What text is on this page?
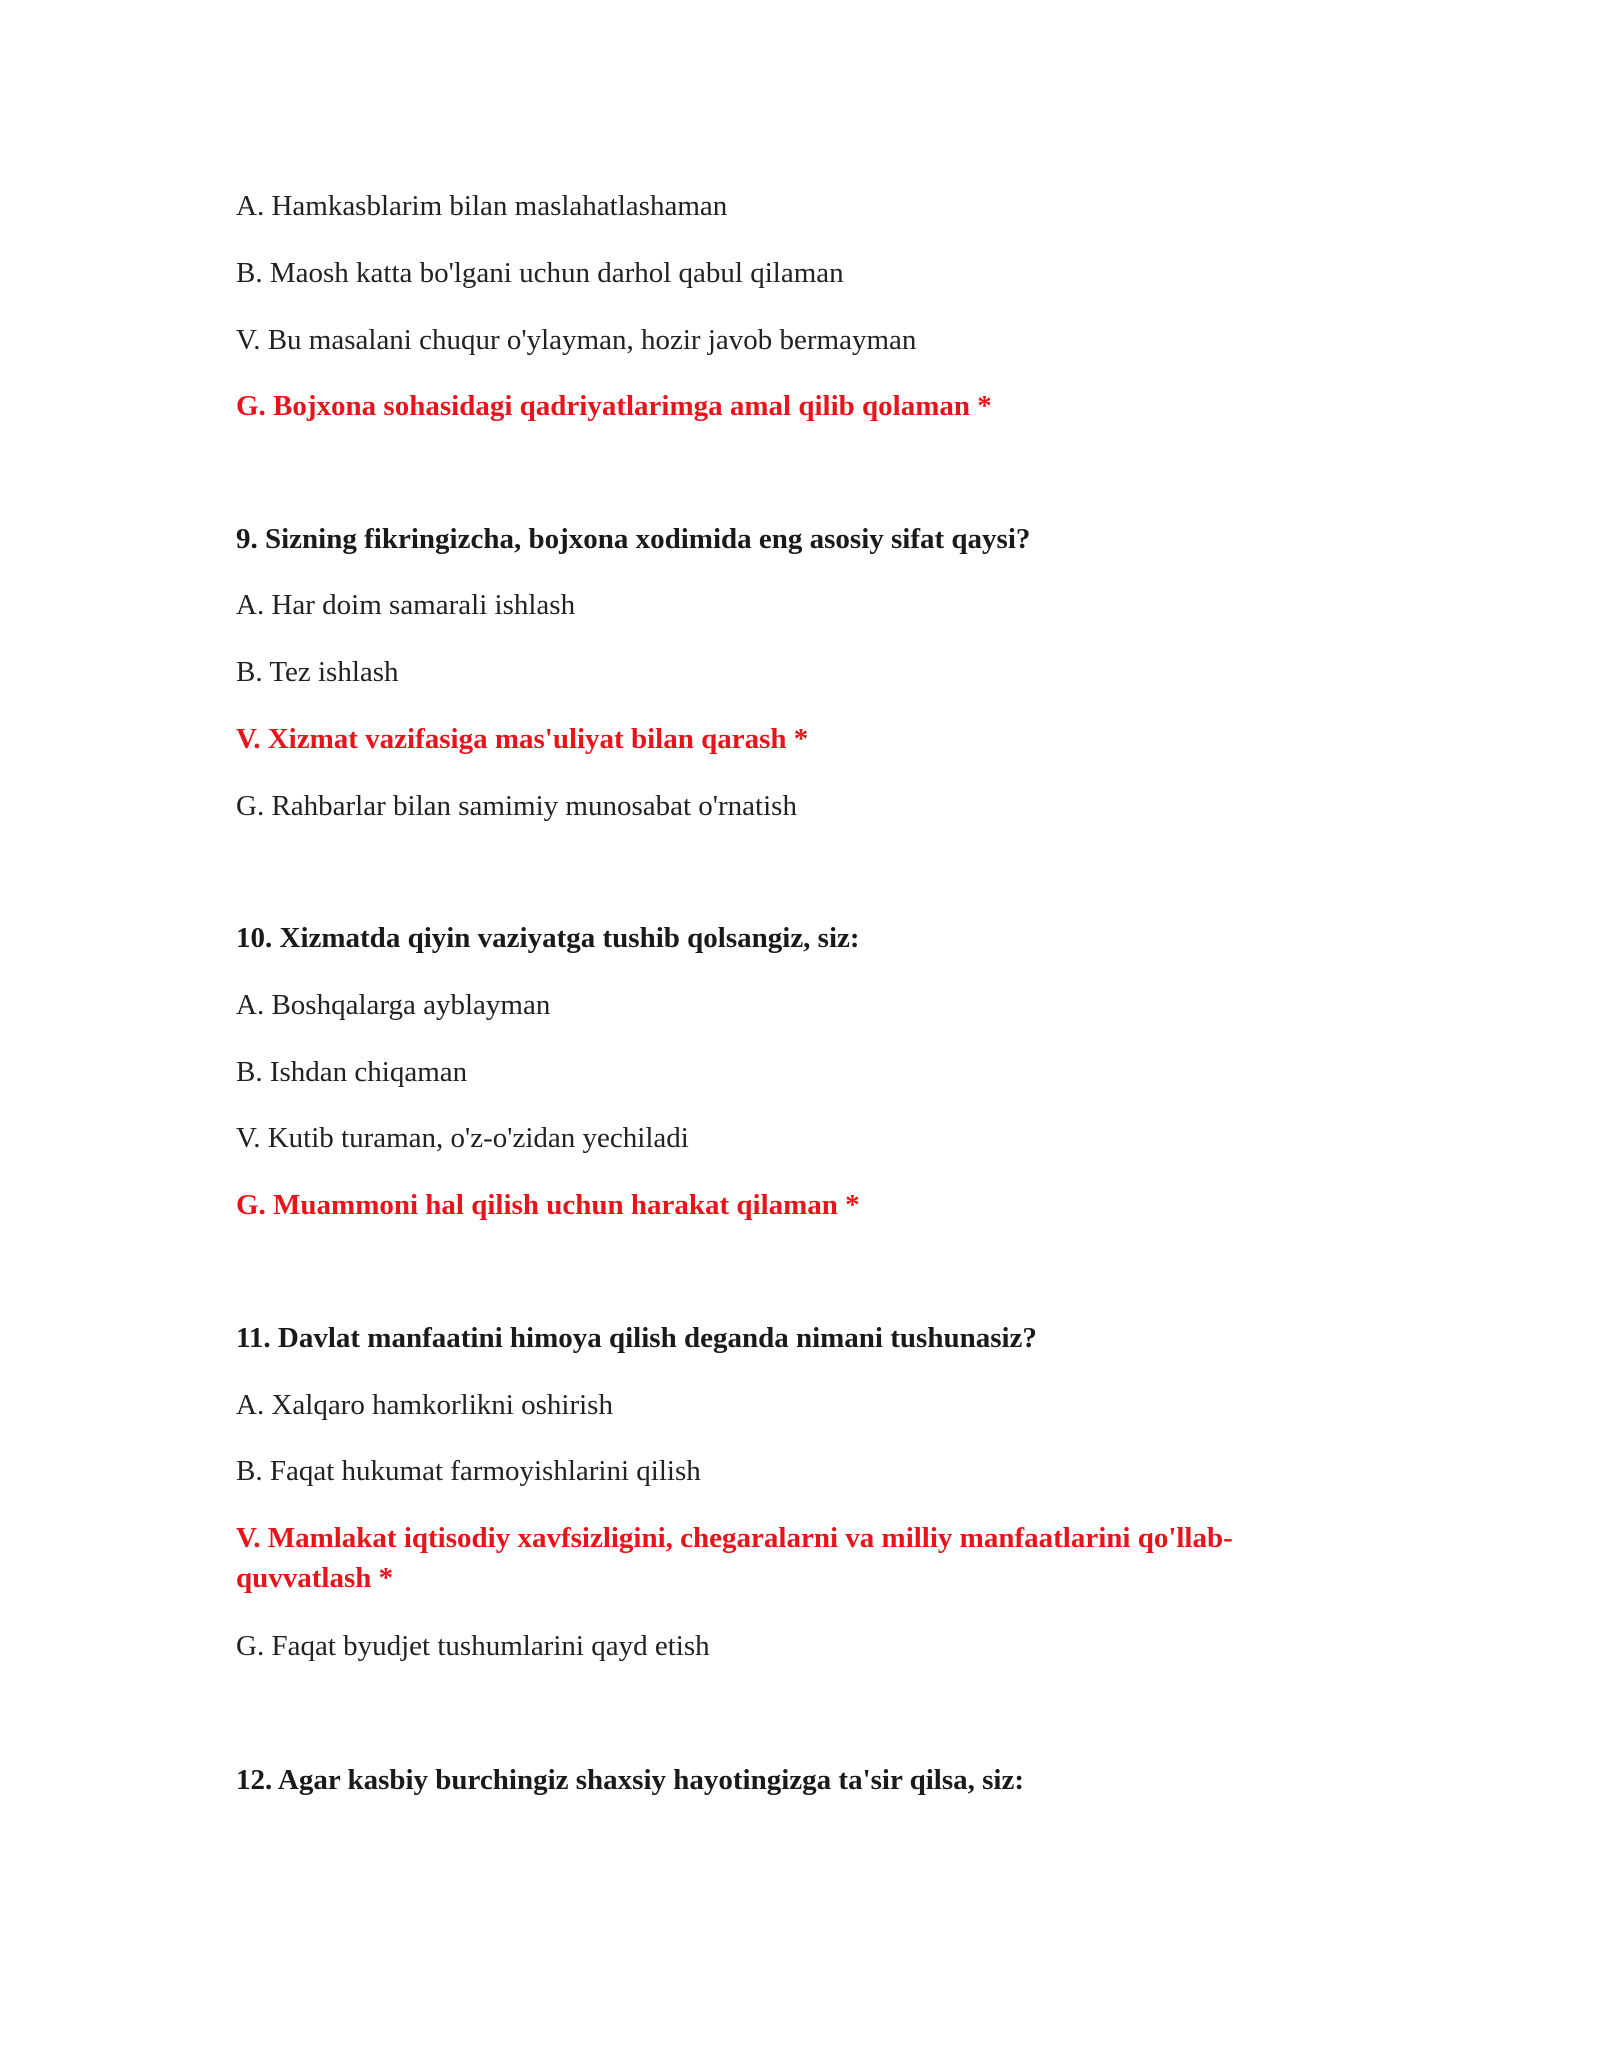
A. Hamkasblarim bilan maslahatlashaman
B. Maosh katta bo'lgani uchun darhol qabul qilaman
V. Bu masalani chuqur o'ylayman, hozir javob bermayman
G. Bojxona sohasidagi qadriyatlarimga amal qilib qolaman *
9. Sizning fikringizcha, bojxona xodimida eng asosiy sifat qaysi?
A. Har doim samarali ishlash
B. Tez ishlash
V. Xizmat vazifasiga mas'uliyat bilan qarash *
G. Rahbarlar bilan samimiy munosabat o'rnatish
10. Xizmatda qiyin vaziyatga tushib qolsangiz, siz:
A. Boshqalarga ayblayman
B. Ishdan chiqaman
V. Kutib turaman, o'z-o'zidan yechiladi
G. Muammoni hal qilish uchun harakat qilaman *
11. Davlat manfaatini himoya qilish deganda nimani tushunasiz?
A. Xalqaro hamkorlikni oshirish
B. Faqat hukumat farmoyishlarini qilish
V. Mamlakat iqtisodiy xavfsizligini, chegaralarni va milliy manfaatlarini qo'llab-quvvatlash *
G. Faqat byudjet tushumlarini qayd etish
12. Agar kasbiy burchingiz shaxsiy hayotingizga ta'sir qilsa, siz:
